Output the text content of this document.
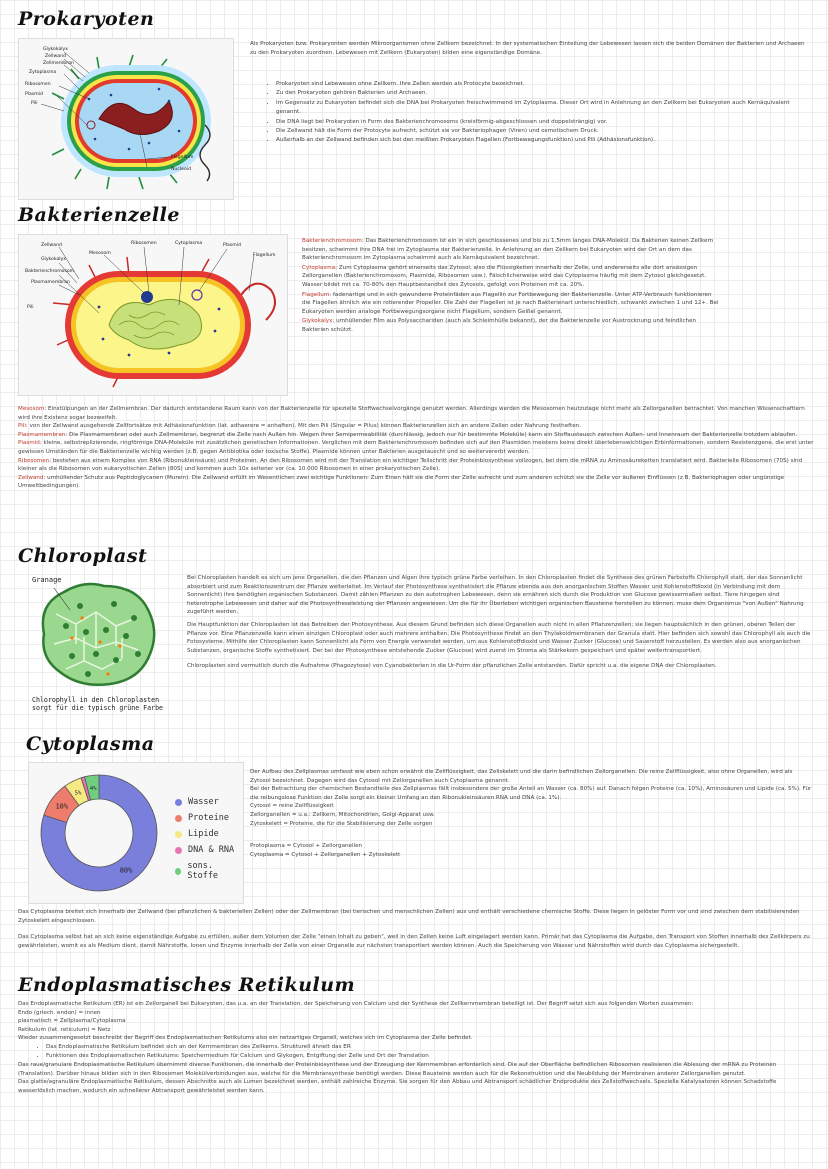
Prokaryoten
Glykokalyx
Zellwand
Zellmembran
Zytoplasma
Ribosomen
Plasmid
Pili
Flagellum
Nucleoid

Als Prokaryoten bzw. Prokaryonten werden Mikroorganismen ohne Zellkern bezeichnet. In der systematischen Einteilung der Lebewesen lassen sich die beiden Domänen der Bakterien und Archaeen zu den Prokaryoten zuordnen. Lebewesen mit Zellkern (Eukaryoten) bilden eine eigenständige Domäne.

• Prokaryoten sind Lebewesen ohne Zellkern. Ihre Zellen werden als Protocyte bezeichnet.
• Zu den Prokaryoten gehören Bakterien und Archaeen.
• Im Gegensatz zu Eukaryoten befindet sich die DNA bei Prokaryoten freischwimmend im Zytoplasma. Dieser Ort wird in Anlehnung an den Zellkern bei Eukaryoten auch Kernäquivalent genannt.
• Die DNA liegt bei Prokaryoten in Form des Bakterienchromosoms (kreisförmig-abgeschlossen und doppelsträngig) vor.
• Die Zellwand hält die Form der Protocyte aufrecht, schützt sie vor Bakteriophagen (Viren) und osmotischem Druck.
• Außerhalb an der Zellwand befinden sich bei den meißten Prokaryoten Flagellen (Fortbewegungsfunktion) und Pili (Adhäsionsfunktion).
Bakterienzelle
Zellwand
Glykokalyx
Bakterienchromosom
Plasmamembran
Pili
Mesosom
Ribosomen	Cytoplasma	Plasmid
Flagellum

Bakterienchromosom: Das Bakterienchromosom ist ein in sich geschlossenes und bis zu 1,5mm langes DNA-Molekül. Da Bakterien keinen Zellkern besitzen, schwimmt ihre DNA frei im Zytoplasma der Bakterienzelle. In Anlehnung an den Zellkern bei Eukaryoten wird der Ort an dem das Bakterienchromosom im Zytoplasma schwimmt auch als Kernäquivalent bezeichnet.

Cytoplasma: Zum Cytoplasma gehört einerseits das Zytosol, also die Flüssigkeiten innerhalb der Zelle, und andererseits alle dort ansässigen Zellorganellen (Bakterienchromosom, Plasmide, Ribosomen usw.). Fälschlicherweise wird das Cytoplasma häufig mit dem Zytosol gleichgesetzt. Wasser bildet mit ca. 70-80% den Hauptbestandteil des Zytosols, gefolgt von Proteinen mit ca. 20%.

Flagellum: fadenartige und in sich gewundene Proteinfäden aus Flagellin zur Fortbewegung der Bakterienzelle. Unter ATP-Verbrauch funktionieren die Flagellen ähnlich wie ein rotierender Propeller. Die Zahl der Flagellen ist je nach Bakterienart unterschiedlich, schwankt zwischen 1 und 12+. Bei Eukaryoten werden analoge Fortbewegungsorgane nicht Flagellum, sondern Geißel genannt.

Glykokalyx: umhüllender Film aus Polysacchariden (auch als Schleimhülle bekannt), der die Bakterienzelle vor Austrocknung und feindlichen Bakterien schützt.

Mesosom: Einstülpungen an der Zellmembran. Der dadurch entstandene Raum kann von der Bakterienzelle für spezielle Stoffwechselvorgänge genutzt werden. Allerdings werden die Mesosomen heutzutage nicht mehr als Zellorganellen betrachtet. Von manchen Wissenschaftlern wird ihre Existenz sogar bezweifelt.

Pili: von der Zellwand ausgehende Zellfortsätze mit Adhäsionsfunktion (lat. adhaerere = anhaften). Mit den Pili (Singular = Pilus) können Bakterienzellen sich an andere Zellen oder Nahrung festheften.

Plasmamembran: Die Plasmamembran oder auch Zellmembran, begrenzt die Zelle nach Außen hin. Wegen ihrer Semipermeabilität (durchlässig, jedoch nur für bestimmte Moleküle) kann ein Stoffaustausch zwischen Außen- und Innenraum der Bakterienzelle trotzdem ablaufen.

Plasmid: kleine, selbstreplizierende, ringförmige DNA-Moleküle mit zusätzlichen genetischen Informationen. Verglichen mit dem Bakterienchromosom befinden sich auf den Plasmiden meistens keine direkt überlebenswichtigen Erbinformationen, sondern Resistenzgene, die erst unter gewissen Umständen für die Bakterienzelle wichtig werden (z.B. gegen Antibiotika oder toxische Stoffe). Plasmide können unter Bakterien ausgetauscht und so weitervererbt werden.

Ribosomen: bestehen aus einem Komplex von RNA (Ribonukleinsäure) und Proteinen. An den Ribosomen wird mit der Translation ein wichtiger Teilschritt der Proteinbiosynthese vollzogen, bei dem die mRNA zu Aminosäureketten translatiert wird. Bakterielle Ribosomen (70S) sind kleiner als die Ribosomen von eukaryotischen Zellen (80S) und kommen auch 10x seltener vor (ca. 10.000 Ribosomen in einer prokaryotischen Zelle).

Zellwand: umhüllender Schutz aus Peptidoglycanen (Murein). Die Zellwand erfüllt im Wesentlichen zwei wichtige Funktionen: Zum Einen hält sie die Form der Zelle aufrecht und zum anderen schützt sie die Zelle vor äußeren Einflüssen (z.B. Bakteriophagen oder ungünstige Umweltbedingungen).

Chloroplast
Granage
Chlorophyll in den Chloroplasten sorgt für die typisch grüne Farbe

Bei Chloroplasten handelt es sich um jene Organellen, die den Pflanzen und Algen ihre typisch grüne Farbe verleihen. In den Chloroplasten findet die Synthese des grünen Farbstoffs Chlorophyll statt, der das Sonnenlicht absorbiert und zum Reaktionszentrum der Pflanze weiterleitet. Im Verlauf der Photosynthese synthetisiert die Pflanze ebenda aus den anorganischen Stoffen Wasser und Kohlenstoffdioxid (in Verbindung mit dem Sonnenlicht) ihre benötigten organischen Substanzen. Damit zählen Pflanzen zu den autotrophen Lebewesen, denn sie ernähren sich durch die Produktion von Glucose gewissermaßen selbst. Tiere hingegen sind heterotrophe Lebewesen und daher auf die Photosyntheseleistung der Pflanzen angewiesen. Um die für ihr Überleben wichtigen organischen Bausteine herstellen zu können, muss dem Organismus "von Außen" Nahrung zugeführt werden.

Die Hauptfunktion der Chloroplasten ist das Betreiben der Photosynthese. Aus diesem Grund befinden sich diese Organellen auch nicht in allen Pflanzenzellen; sie liegen hauptsächlich in den grünen, oberen Teilen der Pflanze vor. Eine Pflanzenzelle kann einen einzigen Chloroplast oder auch mehrere enthalten. Die Photosynthese findet an den Thylakoidmembranen der Granula statt. Hier befinden sich sowohl das Chlorophyll als auch die Fotosysteme. Mithilfe der Chloroplasten kann Sonnenlicht als Form von Energie verwendet werden, um aus Kohlenstoffdioxid und Wasser Zucker (Glucose) und Sauerstoff herzustellen. Es werden also aus anorganischen Substanzen, organische Stoffe synthetisiert. Der bei der Photosynthese entstehende Zucker (Glucose) wird zuerst im Stroma als Stärkekorn gespeichert und später weitertransportiert.

Chloroplasten sind vermutlich durch die Aufnahme (Phagozytose) von Cyanobakterien in die Ur-Form der pflanzlichen Zelle entstanden. Dafür spricht u.a. die eigene DNA der Chloroplasten.

Cytoplasma
80%
10%
5%
4%
Wasser
Proteine
Lipide
DNA & RNA
sons. Stoffe

Der Aufbau des Zellplasmas umfasst wie eben schon erwähnt die Zellflüssigkeit, das Zellskelett und die darin befindlichen Zellorganellen. Die reine Zellflüssigkeit, also ohne Organellen, wird als Zytosol bezeichnet. Dagegen wird das Cytosol mit Zellorganellen auch Cytoplasma genannt.

Bei der Betrachtung der chemischen Bestandteile des Zellplasmas fällt insbesondere der große Anteil an Wasser (ca. 80%) auf. Danach folgen Proteine (ca. 10%), Aminosäuren und Lipide (ca. 5%). Für die reibungslose Funktion der Zelle sorgt ein kleiner Umfang an den Ribonukleinsäuren RNA und DNA (ca. 1%).

Cytosol = reine Zellflüssigkeit

Zellorganellen = u.a.: Zellkern, Mitochondrien, Golgi-Apparat usw.

Zytoskelett = Proteine, die für die Stabilisierung der Zelle sorgen

Protoplasma = Cytosol + Zellorganellen

Cytoplasma = Cytosol + Zellorganellen + Zytoskelett

Das Cytoplasma breitet sich innerhalb der Zellwand (bei pflanzlichen & bakteriellen Zellen) oder der Zellmembran (bei tierischen und menschlichen Zellen) aus und enthält verschiedene chemische Stoffe. Diese liegen in gelöster Form vor und sind zwischen dem stabilisierenden Zytoskelett eingeschlossen.

Das Cytoplasma selbst hat an sich keine eigenständige Aufgabe zu erfüllen, außer dem Volumen der Zelle "einen Inhalt zu geben", weil in den Zellen keine Luft eingelagert werden kann. Primär hat das Cytoplasma die Aufgabe, den Transport von Stoffen innerhalb des Zellkörpers zu gewährleisten, womit es als Medium dient, damit Nährstoffe, Ionen und Enzyme innerhalb der Zelle von einer Organelle zur nächsten transportiert werden können. Auch die Speicherung von Wasser und Nährstoffen wird durch das Cytoplasma sichergestellt.

Endoplasmatisches Retikulum

Das Endoplasmatische Retikulum (ER) ist ein Zellorganell bei Eukaryoten, das u.a. an der Translation, der Speicherung von Calcium und der Synthese der Zellkernmembran beteiligt ist. Der Begriff setzt sich aus folgenden Worten zusammen:

Endo (griech. endon) = innen

plasmatisch = Zellplasma/Cytoplasma

Retikulum (lat. reticulum) = Netz

Wieder zusammengesetzt beschreibt der Begriff des Endoplasmatischen Retikulums also ein netzartiges Organell, welches sich im Cytoplasma der Zelle befindet.

• Das Endoplasmatische Retikulum befindet sich an der Kernmembran des Zellkerns. Strukturell ähnelt das ER
• Funktionen des Endoplasmatischen Retikulums: Speichermedium für Calcium und Glykogen, Entgiftung der Zelle und Ort der Translation

Das raue/granulare Endoplasmatische Retikulum übernimmt diverse Funktionen, die innerhalb der Proteinbiosynthese und der Erzeugung der Kernmembran erforderlich sind. Die auf der Oberfläche befindlichen Ribosomen realisieren die Ablesung der mRNA zu Proteinen (Translation). Darüber hinaus bilden sich in den Ribosomen Molekülverbindungen aus, welche für die Membransynthese benötigt werden. Diese Bausteine werden auch für die Rekonstruktion und die Neubildung der Membranen anderer Zellorganellen genutzt.

Das glatte/agranuläre Endoplasmatische Retikulum, dessen Abschnitte auch als Lumen bezeichnet werden, enthält zahlreiche Enzyme. Sie sorgen für den Abbau und Abtransport schädlicher Endprodukte des Zellstoffwechsels. Spezielle Katalysatoren können Schadstoffe wasserlöslich machen, wodurch ein schnellerer Abtransport gewährleistet werden kann.
